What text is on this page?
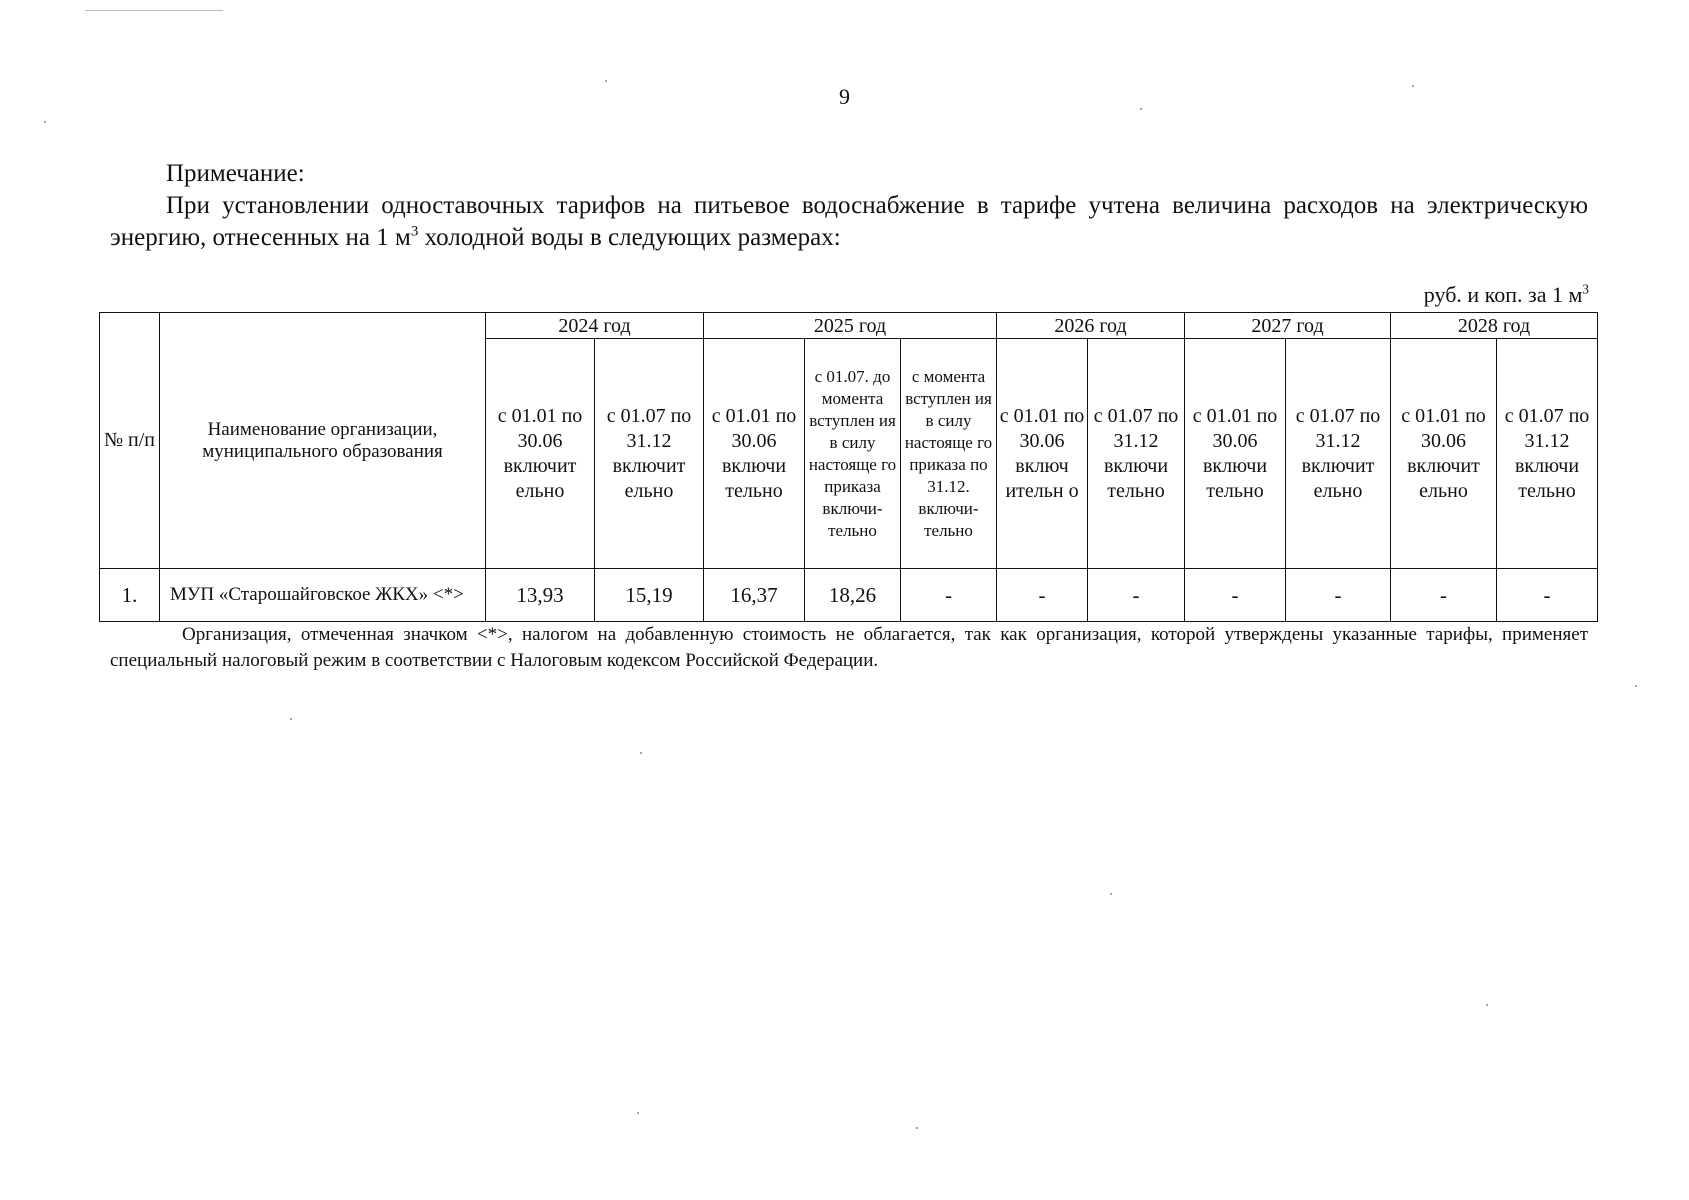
9
Примечание:
При установлении одноставочных тарифов на питьевое водоснабжение в тарифе учтена величина расходов на электрическую энергию, отнесенных на 1 $м^3$ холодной воды в следующих размерах:
руб. и коп. за 1 $м^3$
№ п/п	Наименование организации, муниципального образования	2024 год		2025 год			2026 год		2027 год		2028 год	
		с 01.01 по 30.06 включит ельно	с 01.07 по 31.12 включит ельно	с 01.01 по 30.06 включи тельно	с 01.07. до момента вступлен ия в силу настояще го приказа включи-тельно	с момента вступлен ия в силу настояще го приказа по 31.12. включи-тельно	с 01.01 по 30.06 включ ительн о	с 01.07 по 31.12 включи тельно	с 01.01 по 30.06 включи тельно	с 01.07 по 31.12 включит ельно	с 01.01 по 30.06 включит ельно	с 01.07 по 31.12 включи тельно
1.	МУП «Старошайговское ЖКХ» <*>	13,93	15,19	16,37	18,26	-	-	-	-	-	-	-
Организация, отмеченная значком <*>, налогом на добавленную стоимость не облагается, так как организация, которой утверждены указанные тарифы, применяет специальный налоговый режим в соответствии с Налоговым кодексом Российской Федерации.
